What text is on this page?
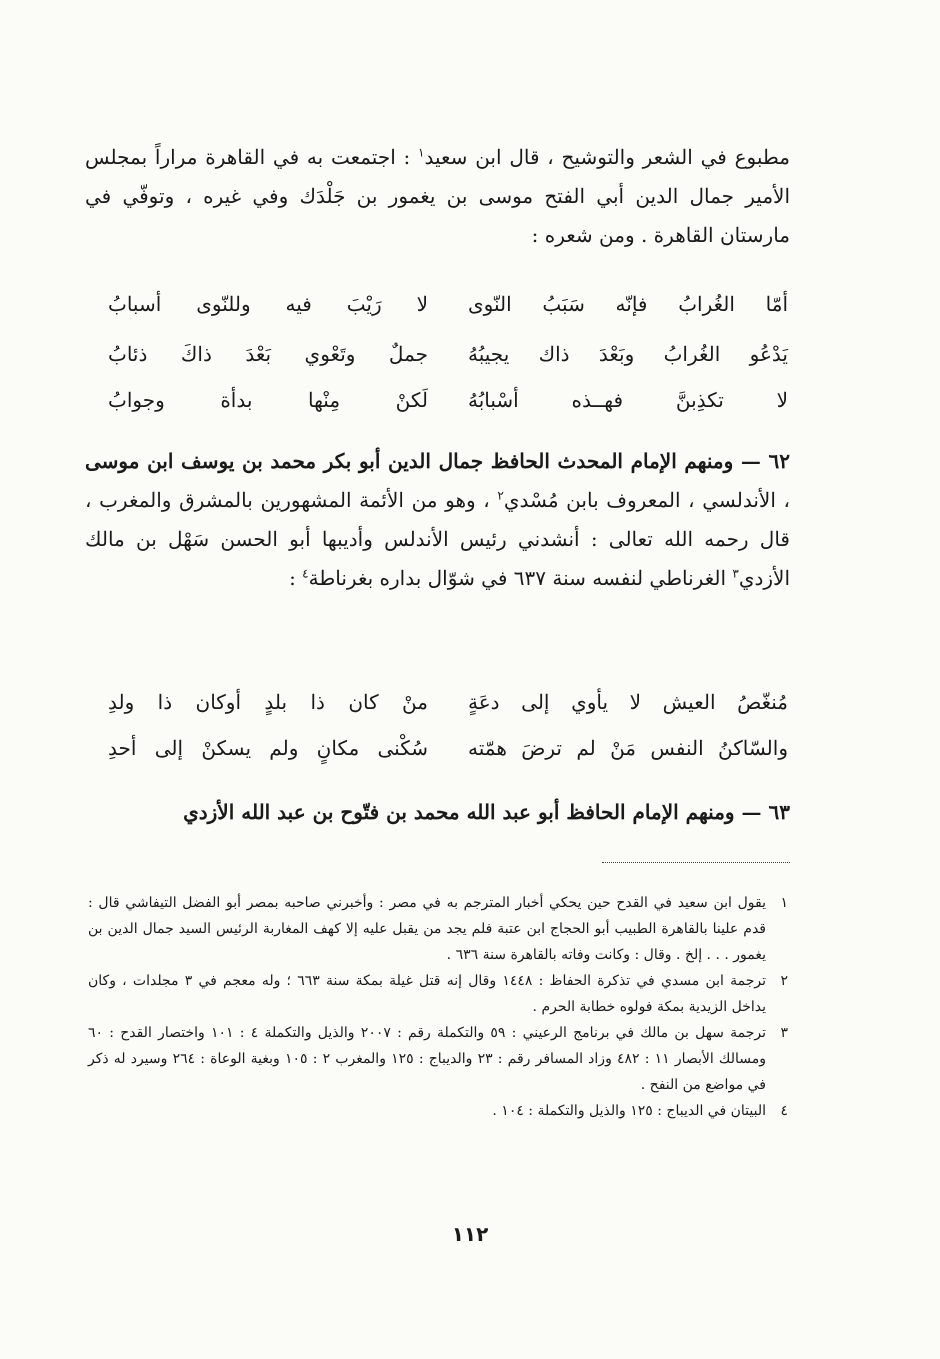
مطبوع في الشعر والتوشيح ، قال ابن سعيد$^١$ : اجتمعت به في القاهرة مراراً بمجلس الأمير جمال الدين أبي الفتح موسى بن يغمور بن جَلْدَك وفي غيره ، وتوفّي في مارستان القاهرة . ومن شعره :
أمّا الغُرابُ فإنّه سَبَبُ النّوى
لا رَيْبَ فيه وللنّوى أسبابُ
يَدْعُو الغُرابُ وبَعْدَ ذاك يجيبُهُ
جملٌ وتَعْوي بَعْدَ ذاكَ ذئابُ
لا تكذِبنَّ فهــذه أسْبابُهُ
لَكنْ مِنْها بدأة وجوابُ
٦٢ — ومنهم الإمام المحدث الحافظ جمال الدين أبو بكر محمد بن يوسف ابن موسى ، الأندلسي ، المعروف بابن مُسْدي$^٢$ ، وهو من الأئمة المشهورين بالمشرق والمغرب ، قال رحمه الله تعالى : أنشدني رئيس الأندلس وأديبها أبو الحسن سَهْل بن مالك الأزدي$^٣$ الغرناطي لنفسه سنة ٦٣٧ في شوّال بداره بغرناطة$^٤$ :
مُنغّصُ العيش لا يأوي إلى دعَةٍ
منْ كان ذا بلدٍ أوكان ذا ولدِ
والسّاكنُ النفس مَنْ لم ترضَ همّته
سُكْنى مكانٍ ولم يسكنْ إلى أحدِ
٦٣ — ومنهم الإمام الحافظ أبو عبد الله محمد بن فتّوح بن عبد الله الأزدي
١
يقول ابن سعيد في القدح حين يحكي أخبار المترجم به في مصر : وأخبرني صاحبه بمصر أبو الفضل التيفاشي قال : قدم علينا بالقاهرة الطبيب أبو الحجاج ابن عتبة فلم يجد من يقبل عليه إلا كهف المغاربة الرئيس السيد جمال الدين بن يغمور . . . إلخ . وقال : وكانت وفاته بالقاهرة سنة ٦٣٦ .
٢
ترجمة ابن مسدي في تذكرة الحفاظ : ١٤٤٨ وقال إنه قتل غيلة بمكة سنة ٦٦٣ ؛ وله معجم في ٣ مجلدات ، وكان يداخل الزيدية بمكة فولوه خطابة الحرم .
٣
ترجمة سهل بن مالك في برنامج الرعيني : ٥٩ والتكملة رقم : ٢٠٠٧ والذيل والتكملة ٤ : ١٠١ واختصار القدح : ٦٠ ومسالك الأبصار ١١ : ٤٨٢ وزاد المسافر رقم : ٢٣ والديباج : ١٢٥ والمغرب ٢ : ١٠٥ وبغية الوعاة : ٢٦٤ وسيرد له ذكر في مواضع من النفح .
٤
البيتان في الديباج : ١٢٥ والذيل والتكملة : ١٠٤ .
١١٢
